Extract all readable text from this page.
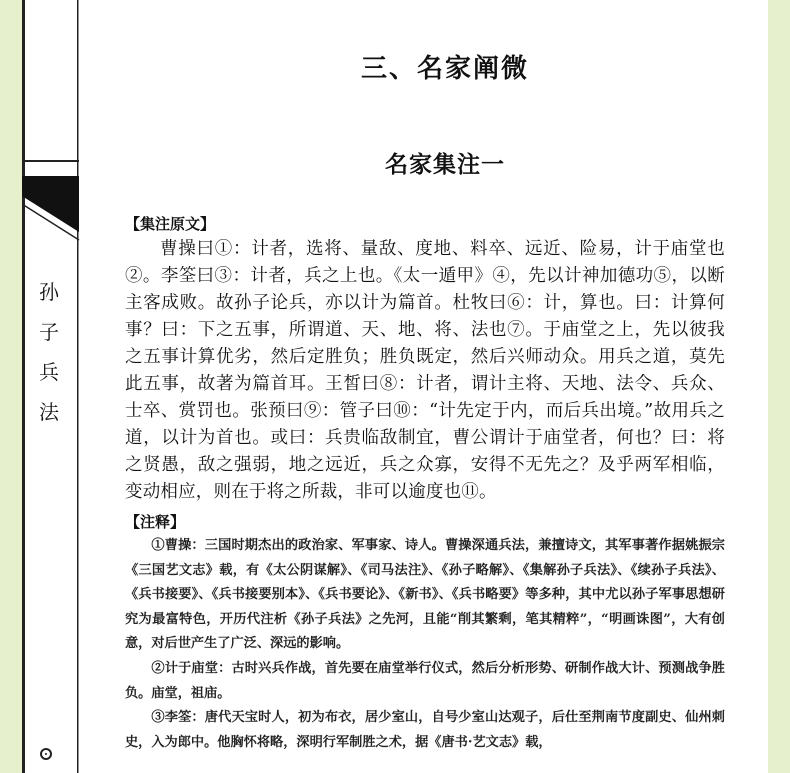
孙子兵法
三、名家阐微
名家集注一

【集注原文】

曹操曰①：计者，选将、量敌、度地、料卒、远近、险易，计于庙堂也②。李筌曰③：计者，兵之上也。《太一遁甲》④，先以计神加德功⑤，以断主客成败。故孙子论兵，亦以计为篇首。杜牧曰⑥：计，算也。曰：计算何事？曰：下之五事，所谓道、天、地、将、法也⑦。于庙堂之上，先以彼我之五事计算优劣，然后定胜负；胜负既定，然后兴师动众。用兵之道，莫先此五事，故著为篇首耳。王皙曰⑧：计者，谓计主将、天地、法令、兵众、士卒、赏罚也。张预曰⑨：管子曰⑩：“计先定于内，而后兵出境。”故用兵之道，以计为首也。或曰：兵贵临敌制宜，曹公谓计于庙堂者，何也？曰：将之贤愚，敌之强弱，地之远近，兵之众寡，安得不无先之？及乎两军相临，变动相应，则在于将之所裁，非可以逾度也⑪。

【注释】

①曹操：三国时期杰出的政治家、军事家、诗人。曹操深通兵法，兼擅诗文，其军事著作据姚振宗《三国艺文志》载，有《太公阴谋解》、《司马法注》、《孙子略解》、《集解孙子兵法》、《续孙子兵法》、《兵书接要》、《兵书接要别本》、《兵书要论》、《新书》、《兵书略要》等多种，其中尤以孙子军事思想研究为最富特色，开历代注析《孙子兵法》之先河，且能“削其繁剩，笔其精粹”，“明画诛图”，大有创意，对后世产生了广泛、深远的影响。

②计于庙堂：古时兴兵作战，首先要在庙堂举行仪式，然后分析形势、研制作战大计、预测战争胜负。庙堂，祖庙。

③李筌：唐代天宝时人，初为布衣，居少室山，自号少室山达观子，后仕至荆南节度副史、仙州刺史，入为郎中。他胸怀将略，深明行军制胜之术，据《唐书·艺文志》载，
